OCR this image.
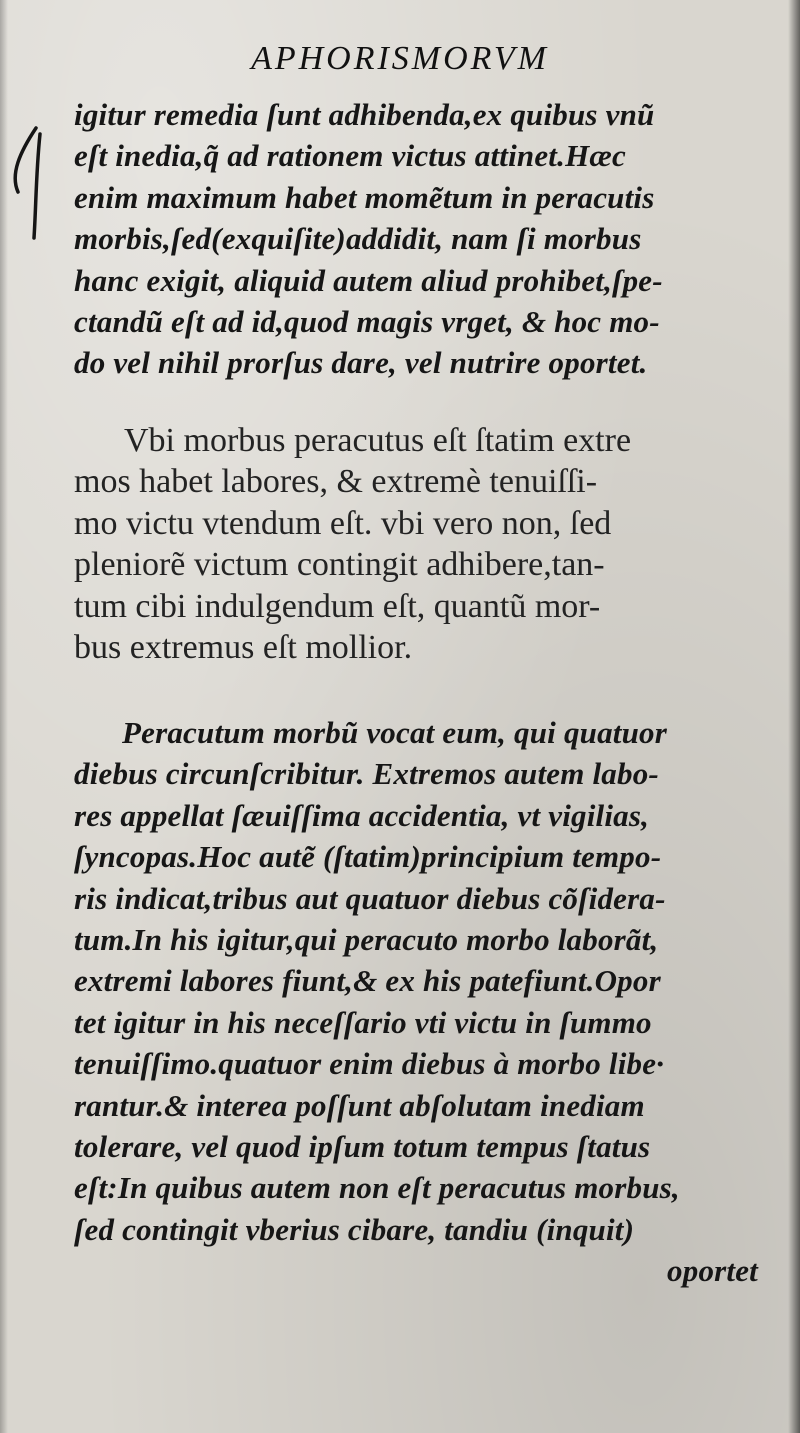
APHORISMORVM
igitur remedia ſunt adhibenda,ex quibus vnũ
eſt inedia,q̃ ad rationem victus attinet.Hæc
enim maximum habet momẽtum in peracutis
morbis,ſed(exquiſite)addidit, nam ſi morbus
hanc exigit, aliquid autem aliud prohibet,ſpe-
ctandũ eſt ad id,quod magis vrget, & hoc mo-
do vel nihil prorſus dare, vel nutrire oportet.
Vbi morbus peracutus eſt ſtatim extre
mos habet labores, & extremè tenuiſſi-
mo victu vtendum eſt. vbi vero non, ſed
pleniorẽ victum contingit adhibere,tan-
tum cibi indulgendum eſt, quantũ mor-
bus extremus eſt mollior.
Peracutum morbũ vocat eum, qui quatuor
diebus circunſcribitur. Extremos autem labo-
res appellat ſæuiſſima accidentia, vt vigilias,
ſyncopas.Hoc autẽ (ſtatim)principium tempo-
ris indicat,tribus aut quatuor diebus cõſidera-
tum.In his igitur,qui peracuto morbo laborãt,
extremi labores fiunt,& ex his patefiunt.Opor
tet igitur in his neceſſario vti victu in ſummo
tenuiſſimo.quatuor enim diebus à morbo libe·
rantur.& interea poſſunt abſolutam inediam
tolerare, vel quod ipſum totum tempus ſtatus
eſt:In quibus autem non eſt peracutus morbus,
ſed contingit vberius cibare, tandiu (inquit)
oportet
